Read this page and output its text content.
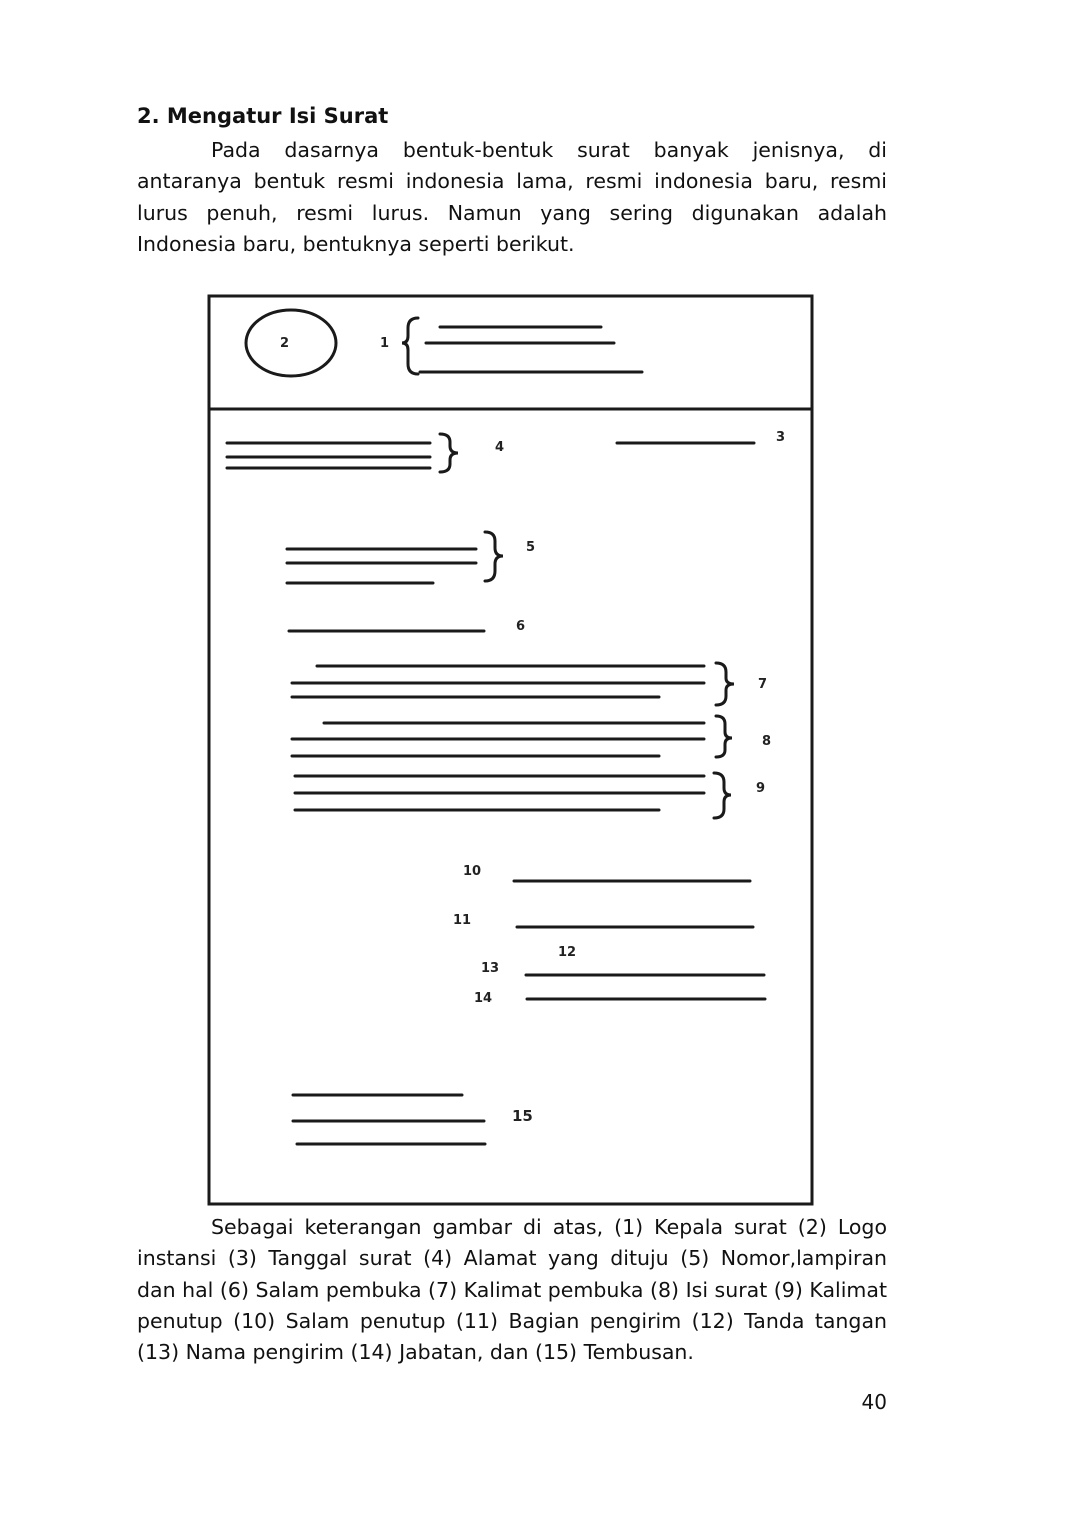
2. Mengatur Isi Surat

Pada dasarnya bentuk-bentuk surat banyak jenisnya, di antaranya bentuk resmi indonesia lama, resmi indonesia baru, resmi lurus penuh, resmi lurus. Namun yang sering digunakan adalah Indonesia baru, bentuknya seperti berikut.

1
2
3
4
5
6
7
8
9
10
11
12
13
14
15

Sebagai keterangan gambar di atas, (1) Kepala surat (2) Logo instansi (3) Tanggal surat (4) Alamat yang dituju (5) Nomor,lampiran dan hal (6) Salam pembuka (7) Kalimat pembuka (8) Isi surat (9) Kalimat penutup (10) Salam penutup (11) Bagian pengirim (12) Tanda tangan (13) Nama pengirim (14) Jabatan, dan (15) Tembusan.

40
